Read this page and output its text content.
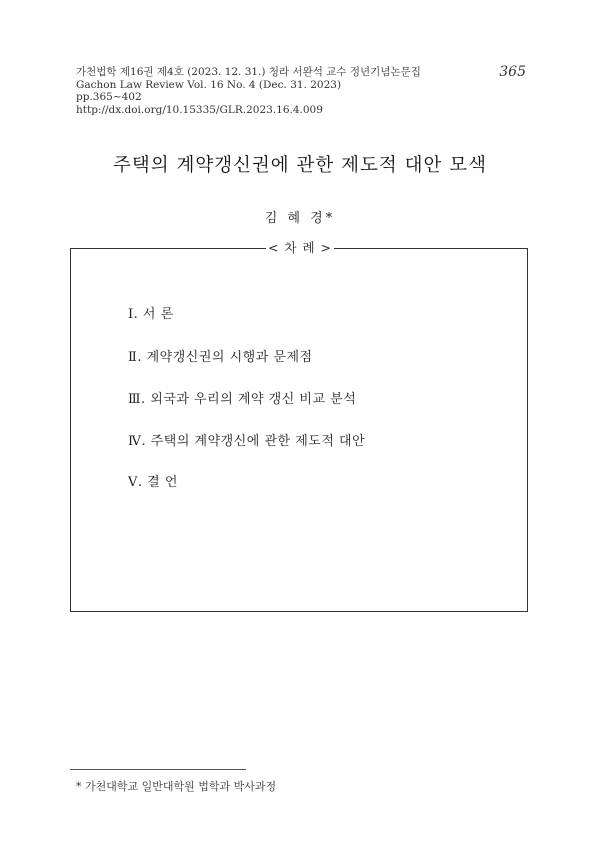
가천법학 제16권 제4호 (2023. 12. 31.) 청라 서완석 교수 정년기념논문집
Gachon Law Review Vol. 16 No. 4 (Dec. 31. 2023)
pp.365~402
http://dx.doi.org/10.15335/GLR.2023.16.4.009
365
주택의 계약갱신권에 관한 제도적 대안 모색
김 혜 경*
< 차 례 >
Ⅰ. 서 론
Ⅱ. 계약갱신권의 시행과 문제점
Ⅲ. 외국과 우리의 계약 갱신 비교 분석
Ⅳ. 주택의 계약갱신에 관한 제도적 대안
Ⅴ. 결 언
* 가천대학교 일반대학원 법학과 박사과정
